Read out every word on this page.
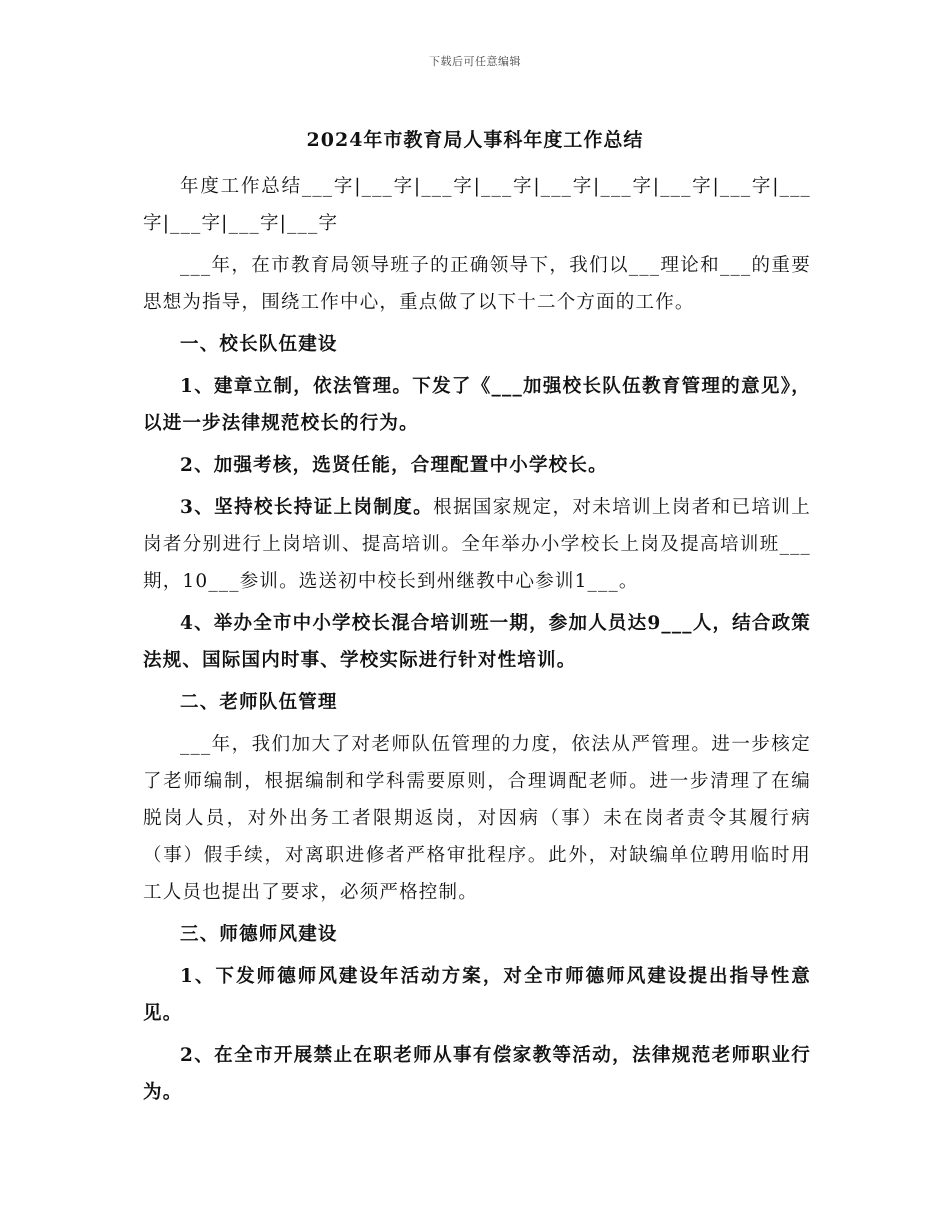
下载后可任意编辑
2024年市教育局人事科年度工作总结

年度工作总结___字|___字|___字|___字|___字|___字|___字|___字|___字|___字|___字|___字

___年，在市教育局领导班子的正确领导下，我们以___理论和___的重要思想为指导，围绕工作中心，重点做了以下十二个方面的工作。

一、校长队伍建设

1、建章立制，依法管理。下发了《___加强校长队伍教育管理的意见》，以进一步法律规范校长的行为。

2、加强考核，选贤任能，合理配置中小学校长。

3、坚持校长持证上岗制度。根据国家规定，对未培训上岗者和已培训上岗者分别进行上岗培训、提高培训。全年举办小学校长上岗及提高培训班___期，10___参训。选送初中校长到州继教中心参训1___。

4、举办全市中小学校长混合培训班一期，参加人员达9___人，结合政策法规、国际国内时事、学校实际进行针对性培训。

二、老师队伍管理

___年，我们加大了对老师队伍管理的力度，依法从严管理。进一步核定了老师编制，根据编制和学科需要原则，合理调配老师。进一步清理了在编脱岗人员，对外出务工者限期返岗，对因病（事）未在岗者责令其履行病（事）假手续，对离职进修者严格审批程序。此外，对缺编单位聘用临时用工人员也提出了要求，必须严格控制。

三、师德师风建设

1、下发师德师风建设年活动方案，对全市师德师风建设提出指导性意见。

2、在全市开展禁止在职老师从事有偿家教等活动，法律规范老师职业行为。
